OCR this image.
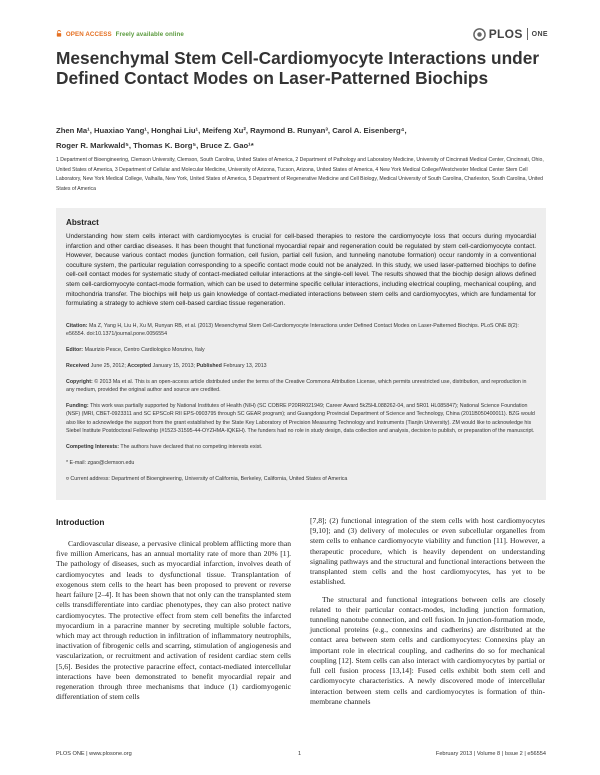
OPEN ACCESS Freely available online	PLOS ONE
Mesenchymal Stem Cell-Cardiomyocyte Interactions under Defined Contact Modes on Laser-Patterned Biochips
Zhen Ma¹, Huaxiao Yang¹, Honghai Liu¹, Meifeng Xu², Raymond B. Runyan³, Carol A. Eisenberg⁴,
Roger R. Markwald⁵, Thomas K. Borg⁵, Bruce Z. Gao¹*
1 Department of Bioengineering, Clemson University, Clemson, South Carolina, United States of America, 2 Department of Pathology and Laboratory Medicine, University of Cincinnati Medical Center, Cincinnati, Ohio, United States of America, 3 Department of Cellular and Molecular Medicine, University of Arizona, Tucson, Arizona, United States of America, 4 New York Medical College/Westchester Medical Center Stem Cell Laboratory, New York Medical College, Valhalla, New York, United States of America, 5 Department of Regenerative Medicine and Cell Biology, Medical University of South Carolina, Charleston, South Carolina, United States of America
Abstract
Understanding how stem cells interact with cardiomyocytes is crucial for cell-based therapies to restore the cardiomyocyte loss that occurs during myocardial infarction and other cardiac diseases. It has been thought that functional myocardial repair and regeneration could be regulated by stem cell-cardiomyocyte contact. However, because various contact modes (junction formation, cell fusion, partial cell fusion, and tunneling nanotube formation) occur randomly in a conventional coculture system, the particular regulation corresponding to a specific contact mode could not be analyzed. In this study, we used laser-patterned biochips to define cell-cell contact modes for systematic study of contact-mediated cellular interactions at the single-cell level. The results showed that the biochip design allows defined stem cell-cardiomyocyte contact-mode formation, which can be used to determine specific cellular interactions, including electrical coupling, mechanical coupling, and mitochondria transfer. The biochips will help us gain knowledge of contact-mediated interactions between stem cells and cardiomyocytes, which are fundamental for formulating a strategy to achieve stem cell-based cardiac tissue regeneration.
Citation: Ma Z, Yang H, Liu H, Xu M, Runyan RB, et al. (2013) Mesenchymal Stem Cell-Cardiomyocyte Interactions under Defined Contact Modes on Laser-Patterned Biochips. PLoS ONE 8(2): e56554. doi:10.1371/journal.pone.0056554
Editor: Maurizio Pesce, Centro Cardiologico Monzino, Italy
Received June 25, 2012; Accepted January 15, 2013; Published February 13, 2013
Copyright: © 2013 Ma et al. This is an open-access article distributed under the terms of the Creative Commons Attribution License, which permits unrestricted use, distribution, and reproduction in any medium, provided the original author and source are credited.
Funding: This work was partially supported by National Institutes of Health (NIH) (SC COBRE P20RR021949; Career Award 5k25HL088262-04, and 5R01 HL085847); National Science Foundation (NSF) (MRI, CBET-0923311 and SC EPSCoR RII EPS-0903795 through SC GEAR program); and Guangdong Provincial Department of Science and Technology, China (2011B050400011). BZG would also like to acknowledge the support from the grant established by the State Key Laboratory of Precision Measuring Technology and Instruments (Tianjin University). ZM would like to acknowledge his Siebel Institute Postdoctoral Fellowship (#1523-31595-44-OYZHMA-IQKEH). The funders had no role in study design, data collection and analysis, decision to publish, or preparation of the manuscript.
Competing Interests: The authors have declared that no competing interests exist.
* E-mail: zgao@clemson.edu
¤ Current address: Department of Bioengineering, University of California, Berkeley, California, United States of America
Introduction

Cardiovascular disease, a pervasive clinical problem afflicting more than five million Americans, has an annual mortality rate of more than 20% [1]. The pathology of diseases, such as myocardial infarction, involves death of cardiomyocytes and leads to dysfunctional tissue. Transplantation of exogenous stem cells to the heart has been proposed to prevent or reverse heart failure [2–4]. It has been shown that not only can the transplanted stem cells transdifferentiate into cardiac phenotypes, they can also protect native cardiomyocytes. The protective effect from stem cell benefits the infarcted myocardium in a paracrine manner by secreting multiple soluble factors, which may act through reduction in infiltration of inflammatory neutrophils, inactivation of fibrogenic cells and scarring, stimulation of angiogenesis and vascularization, or recruitment and activation of resident cardiac stem cells [5,6]. Besides the protective paracrine effect, contact-mediated intercellular interactions have been demonstrated to benefit myocardial repair and regeneration through three mechanisms that induce (1) cardiomyogenic differentiation of stem cells

[7,8]; (2) functional integration of the stem cells with host cardiomyocytes [9,10]; and (3) delivery of molecules or even subcellular organelles from stem cells to enhance cardiomyocyte viability and function [11]. However, a therapeutic procedure, which is heavily dependent on understanding signaling pathways and the structural and functional interactions between the transplanted stem cells and the host cardiomyocytes, has yet to be established.

The structural and functional integrations between cells are closely related to their particular contact-modes, including junction formation, tunneling nanotube connection, and cell fusion. In junction-formation mode, junctional proteins (e.g., connexins and cadherins) are distributed at the contact area between stem cells and cardiomyocytes: Connexins play an important role in electrical coupling, and cadherins do so for mechanical coupling [12]. Stem cells can also interact with cardiomyocytes by partial or full cell fusion process [13,14]: Fused cells exhibit both stem cell and cardiomyocyte characteristics. A newly discovered mode of intercellular interaction between stem cells and cardiomyocytes is formation of thin-membrane channels

PLOS ONE | www.plosone.org	1	February 2013 | Volume 8 | Issue 2 | e56554
